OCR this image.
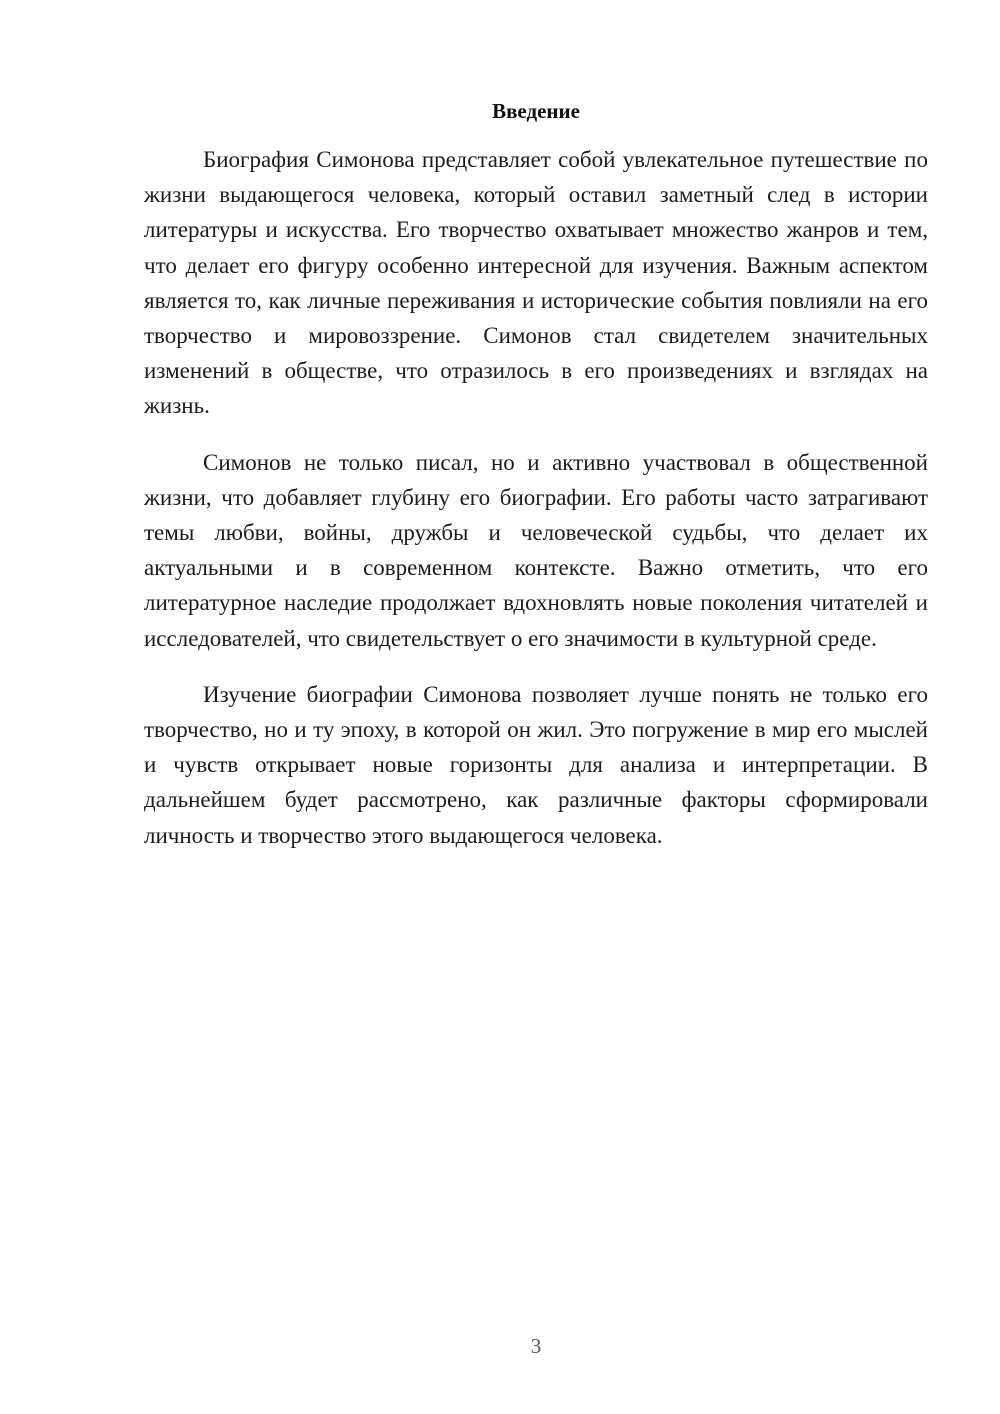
Введение

Биография Симонова представляет собой увлекательное путешествие по жизни выдающегося человека, который оставил заметный след в истории литературы и искусства. Его творчество охватывает множество жанров и тем, что делает его фигуру особенно интересной для изучения. Важным аспектом является то, как личные переживания и исторические события повлияли на его творчество и мировоззрение. Симонов стал свидетелем значительных изменений в обществе, что отразилось в его произведениях и взглядах на жизнь.

Симонов не только писал, но и активно участвовал в общественной жизни, что добавляет глубину его биографии. Его работы часто затрагивают темы любви, войны, дружбы и человеческой судьбы, что делает их актуальными и в современном контексте. Важно отметить, что его литературное наследие продолжает вдохновлять новые поколения читателей и исследователей, что свидетельствует о его значимости в культурной среде.

Изучение биографии Симонова позволяет лучше понять не только его творчество, но и ту эпоху, в которой он жил. Это погружение в мир его мыслей и чувств открывает новые горизонты для анализа и интерпретации. В дальнейшем будет рассмотрено, как различные факторы сформировали личность и творчество этого выдающегося человека.

3
